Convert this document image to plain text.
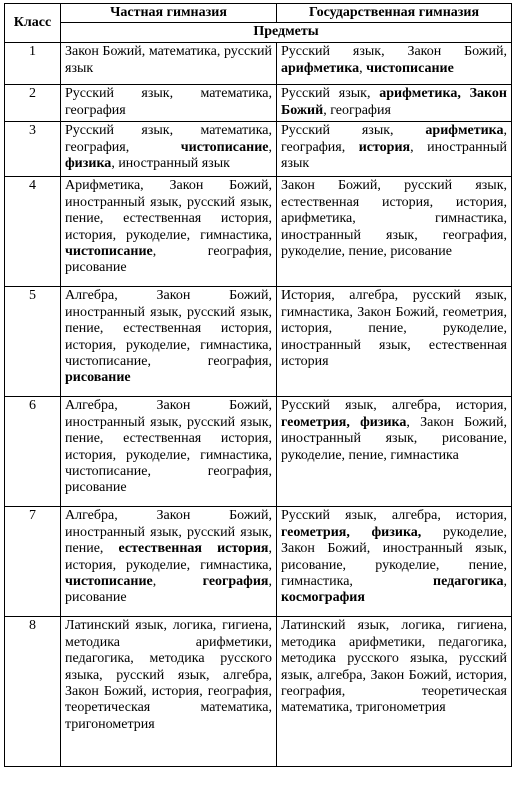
Класс	Частная гимназия	Государственная гимназия
	Предметы	
1	Закон Божий, математика, русский язык	Русский язык, Закон Божий, арифметика, чистописание
2	Русский язык, математика, география	Русский язык, арифметика, Закон Божий, география
3	Русский язык, математика, география, чистописание, физика, иностранный язык	Русский язык, арифметика, география, история, иностранный язык
4	Арифметика, Закон Божий, иностранный язык, русский язык, пение, естественная история, история, рукоделие, гимнастика, чистописание, география, рисование	Закон Божий, русский язык, естественная история, история, арифметика, гимнастика, иностранный язык, география, рукоделие, пение, рисование
5	Алгебра, Закон Божий, иностранный язык, русский язык, пение, естественная история, история, рукоделие, гимнастика, чистописание, география, рисование	История, алгебра, русский язык, гимнастика, Закон Божий, геометрия, история, пение, рукоделие, иностранный язык, естественная история
6	Алгебра, Закон Божий, иностранный язык, русский язык, пение, естественная история, история, рукоделие, гимнастика, чистописание, география, рисование	Русский язык, алгебра, история, геометрия, физика, Закон Божий, иностранный язык, рисование, рукоделие, пение, гимнастика
7	Алгебра, Закон Божий, иностранный язык, русский язык, пение, естественная история, история, рукоделие, гимнастика, чистописание, география, рисование	Русский язык, алгебра, история, геометрия, физика, рукоделие, Закон Божий, иностранный язык, рисование, рукоделие, пение, гимнастика, педагогика, космография
8	Латинский язык, логика, гигиена, методика арифметики, педагогика, методика русского языка, русский язык, алгебра, Закон Божий, история, география, теоретическая математика, тригонометрия	Латинский язык, логика, гигиена, методика арифметики, педагогика, методика русского языка, русский язык, алгебра, Закон Божий, история, география, теоретическая математика, тригонометрия
